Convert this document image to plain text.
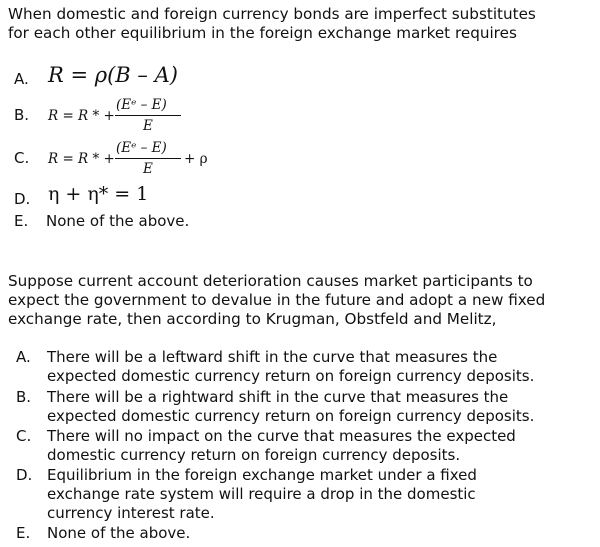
When domestic and foreign currency bonds are imperfect substitutes
for each other equilibrium in the foreign exchange market requires
A. R = ρ(B – A)
B. R = R * +
(Eᵉ – E)
E
C. R = R * +
(Eᵉ – E)
E
+ ρ
D. η + η* = 1
E. None of the above.
Suppose current account deterioration causes market participants to
expect the government to devalue in the future and adopt a new fixed
exchange rate, then according to Krugman, Obstfeld and Melitz,
A. There will be a leftward shift in the curve that measures the
expected domestic currency return on foreign currency deposits.
B. There will be a rightward shift in the curve that measures the
expected domestic currency return on foreign currency deposits.
C. There will no impact on the curve that measures the expected
domestic currency return on foreign currency deposits.
D. Equilibrium in the foreign exchange market under a fixed
exchange rate system will require a drop in the domestic
currency interest rate.
E. None of the above.
